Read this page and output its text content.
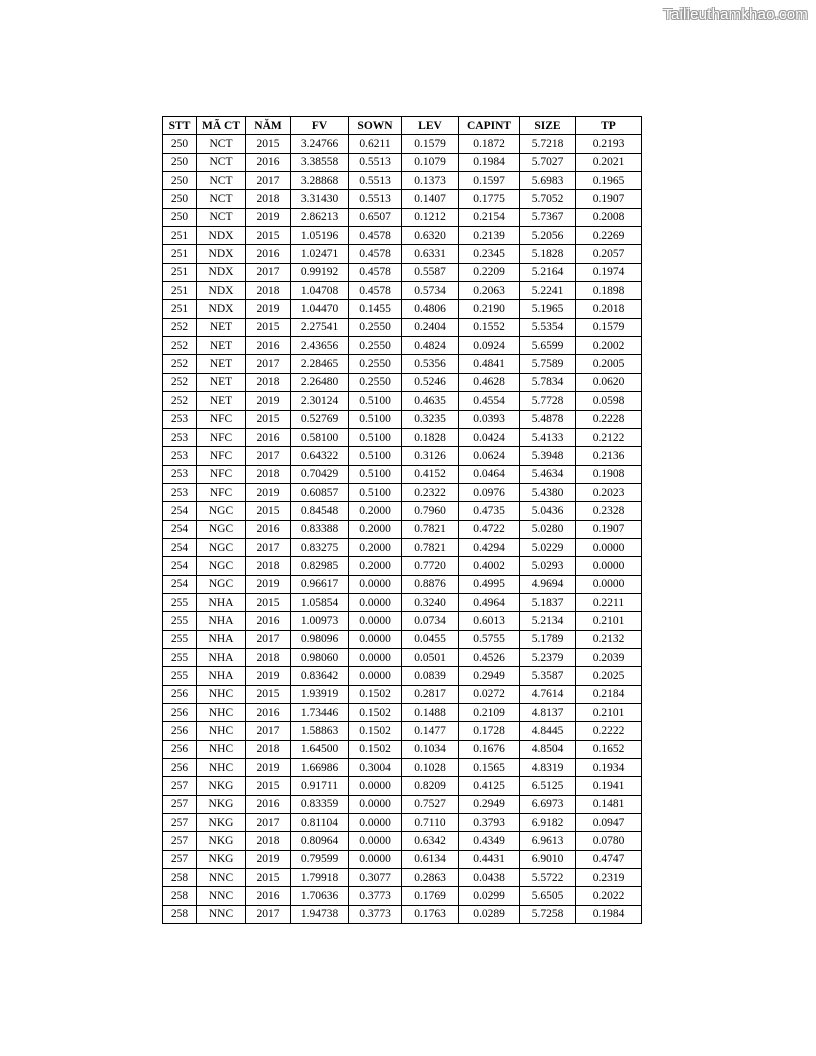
Tailieuthamkhao.com
STT	MÃ CT	NĂM	FV	SOWN	LEV	CAPINT	SIZE	TP
250	NCT	2015	3.24766	0.6211	0.1579	0.1872	5.7218	0.2193
250	NCT	2016	3.38558	0.5513	0.1079	0.1984	5.7027	0.2021
250	NCT	2017	3.28868	0.5513	0.1373	0.1597	5.6983	0.1965
250	NCT	2018	3.31430	0.5513	0.1407	0.1775	5.7052	0.1907
250	NCT	2019	2.86213	0.6507	0.1212	0.2154	5.7367	0.2008
251	NDX	2015	1.05196	0.4578	0.6320	0.2139	5.2056	0.2269
251	NDX	2016	1.02471	0.4578	0.6331	0.2345	5.1828	0.2057
251	NDX	2017	0.99192	0.4578	0.5587	0.2209	5.2164	0.1974
251	NDX	2018	1.04708	0.4578	0.5734	0.2063	5.2241	0.1898
251	NDX	2019	1.04470	0.1455	0.4806	0.2190	5.1965	0.2018
252	NET	2015	2.27541	0.2550	0.2404	0.1552	5.5354	0.1579
252	NET	2016	2.43656	0.2550	0.4824	0.0924	5.6599	0.2002
252	NET	2017	2.28465	0.2550	0.5356	0.4841	5.7589	0.2005
252	NET	2018	2.26480	0.2550	0.5246	0.4628	5.7834	0.0620
252	NET	2019	2.30124	0.5100	0.4635	0.4554	5.7728	0.0598
253	NFC	2015	0.52769	0.5100	0.3235	0.0393	5.4878	0.2228
253	NFC	2016	0.58100	0.5100	0.1828	0.0424	5.4133	0.2122
253	NFC	2017	0.64322	0.5100	0.3126	0.0624	5.3948	0.2136
253	NFC	2018	0.70429	0.5100	0.4152	0.0464	5.4634	0.1908
253	NFC	2019	0.60857	0.5100	0.2322	0.0976	5.4380	0.2023
254	NGC	2015	0.84548	0.2000	0.7960	0.4735	5.0436	0.2328
254	NGC	2016	0.83388	0.2000	0.7821	0.4722	5.0280	0.1907
254	NGC	2017	0.83275	0.2000	0.7821	0.4294	5.0229	0.0000
254	NGC	2018	0.82985	0.2000	0.7720	0.4002	5.0293	0.0000
254	NGC	2019	0.96617	0.0000	0.8876	0.4995	4.9694	0.0000
255	NHA	2015	1.05854	0.0000	0.3240	0.4964	5.1837	0.2211
255	NHA	2016	1.00973	0.0000	0.0734	0.6013	5.2134	0.2101
255	NHA	2017	0.98096	0.0000	0.0455	0.5755	5.1789	0.2132
255	NHA	2018	0.98060	0.0000	0.0501	0.4526	5.2379	0.2039
255	NHA	2019	0.83642	0.0000	0.0839	0.2949	5.3587	0.2025
256	NHC	2015	1.93919	0.1502	0.2817	0.0272	4.7614	0.2184
256	NHC	2016	1.73446	0.1502	0.1488	0.2109	4.8137	0.2101
256	NHC	2017	1.58863	0.1502	0.1477	0.1728	4.8445	0.2222
256	NHC	2018	1.64500	0.1502	0.1034	0.1676	4.8504	0.1652
256	NHC	2019	1.66986	0.3004	0.1028	0.1565	4.8319	0.1934
257	NKG	2015	0.91711	0.0000	0.8209	0.4125	6.5125	0.1941
257	NKG	2016	0.83359	0.0000	0.7527	0.2949	6.6973	0.1481
257	NKG	2017	0.81104	0.0000	0.7110	0.3793	6.9182	0.0947
257	NKG	2018	0.80964	0.0000	0.6342	0.4349	6.9613	0.0780
257	NKG	2019	0.79599	0.0000	0.6134	0.4431	6.9010	0.4747
258	NNC	2015	1.79918	0.3077	0.2863	0.0438	5.5722	0.2319
258	NNC	2016	1.70636	0.3773	0.1769	0.0299	5.6505	0.2022
258	NNC	2017	1.94738	0.3773	0.1763	0.0289	5.7258	0.1984
